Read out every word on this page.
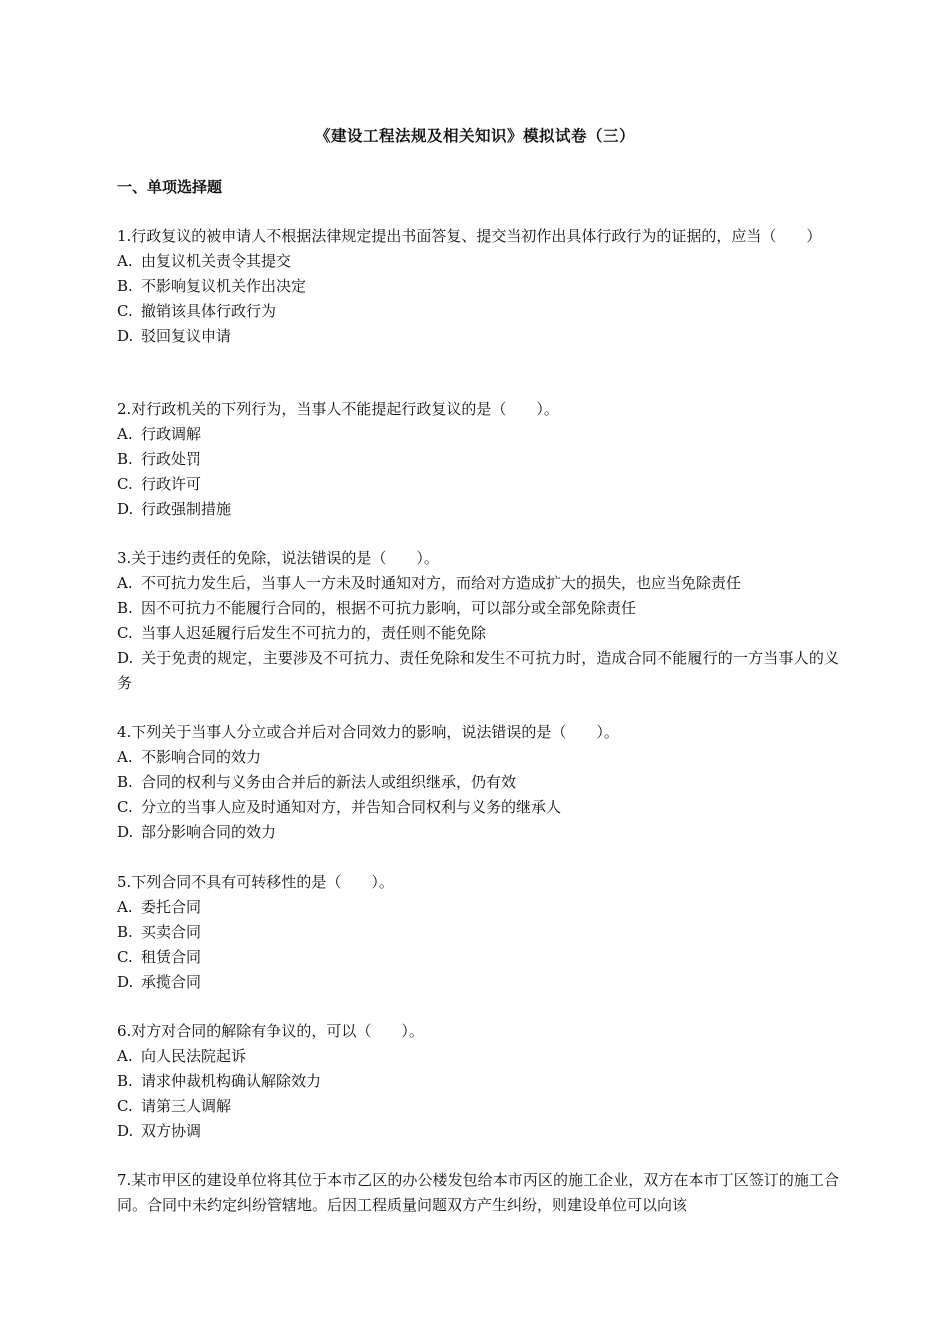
《建设工程法规及相关知识》模拟试卷（三）
一、单项选择题
1.行政复议的被申请人不根据法律规定提出书面答复、提交当初作出具体行政行为的证据的，应当（　　）
A. 由复议机关责令其提交
B. 不影响复议机关作出决定
C. 撤销该具体行政行为
D. 驳回复议申请
2.对行政机关的下列行为，当事人不能提起行政复议的是（　　）。
A. 行政调解
B. 行政处罚
C. 行政许可
D. 行政强制措施
3.关于违约责任的免除，说法错误的是（　　）。
A. 不可抗力发生后，当事人一方未及时通知对方，而给对方造成扩大的损失，也应当免除责任
B. 因不可抗力不能履行合同的，根据不可抗力影响，可以部分或全部免除责任
C. 当事人迟延履行后发生不可抗力的，责任则不能免除
D. 关于免责的规定，主要涉及不可抗力、责任免除和发生不可抗力时，造成合同不能履行的一方当事人的义务
4.下列关于当事人分立或合并后对合同效力的影响，说法错误的是（　　）。
A. 不影响合同的效力
B. 合同的权利与义务由合并后的新法人或组织继承，仍有效
C. 分立的当事人应及时通知对方，并告知合同权利与义务的继承人
D. 部分影响合同的效力
5.下列合同不具有可转移性的是（　　）。
A. 委托合同
B. 买卖合同
C. 租赁合同
D. 承揽合同
6.对方对合同的解除有争议的，可以（　　）。
A. 向人民法院起诉
B. 请求仲裁机构确认解除效力
C. 请第三人调解
D. 双方协调
7.某市甲区的建设单位将其位于本市乙区的办公楼发包给本市丙区的施工企业，双方在本市丁区签订的施工合同。合同中未约定纠纷管辖地。后因工程质量问题双方产生纠纷，则建设单位可以向该
